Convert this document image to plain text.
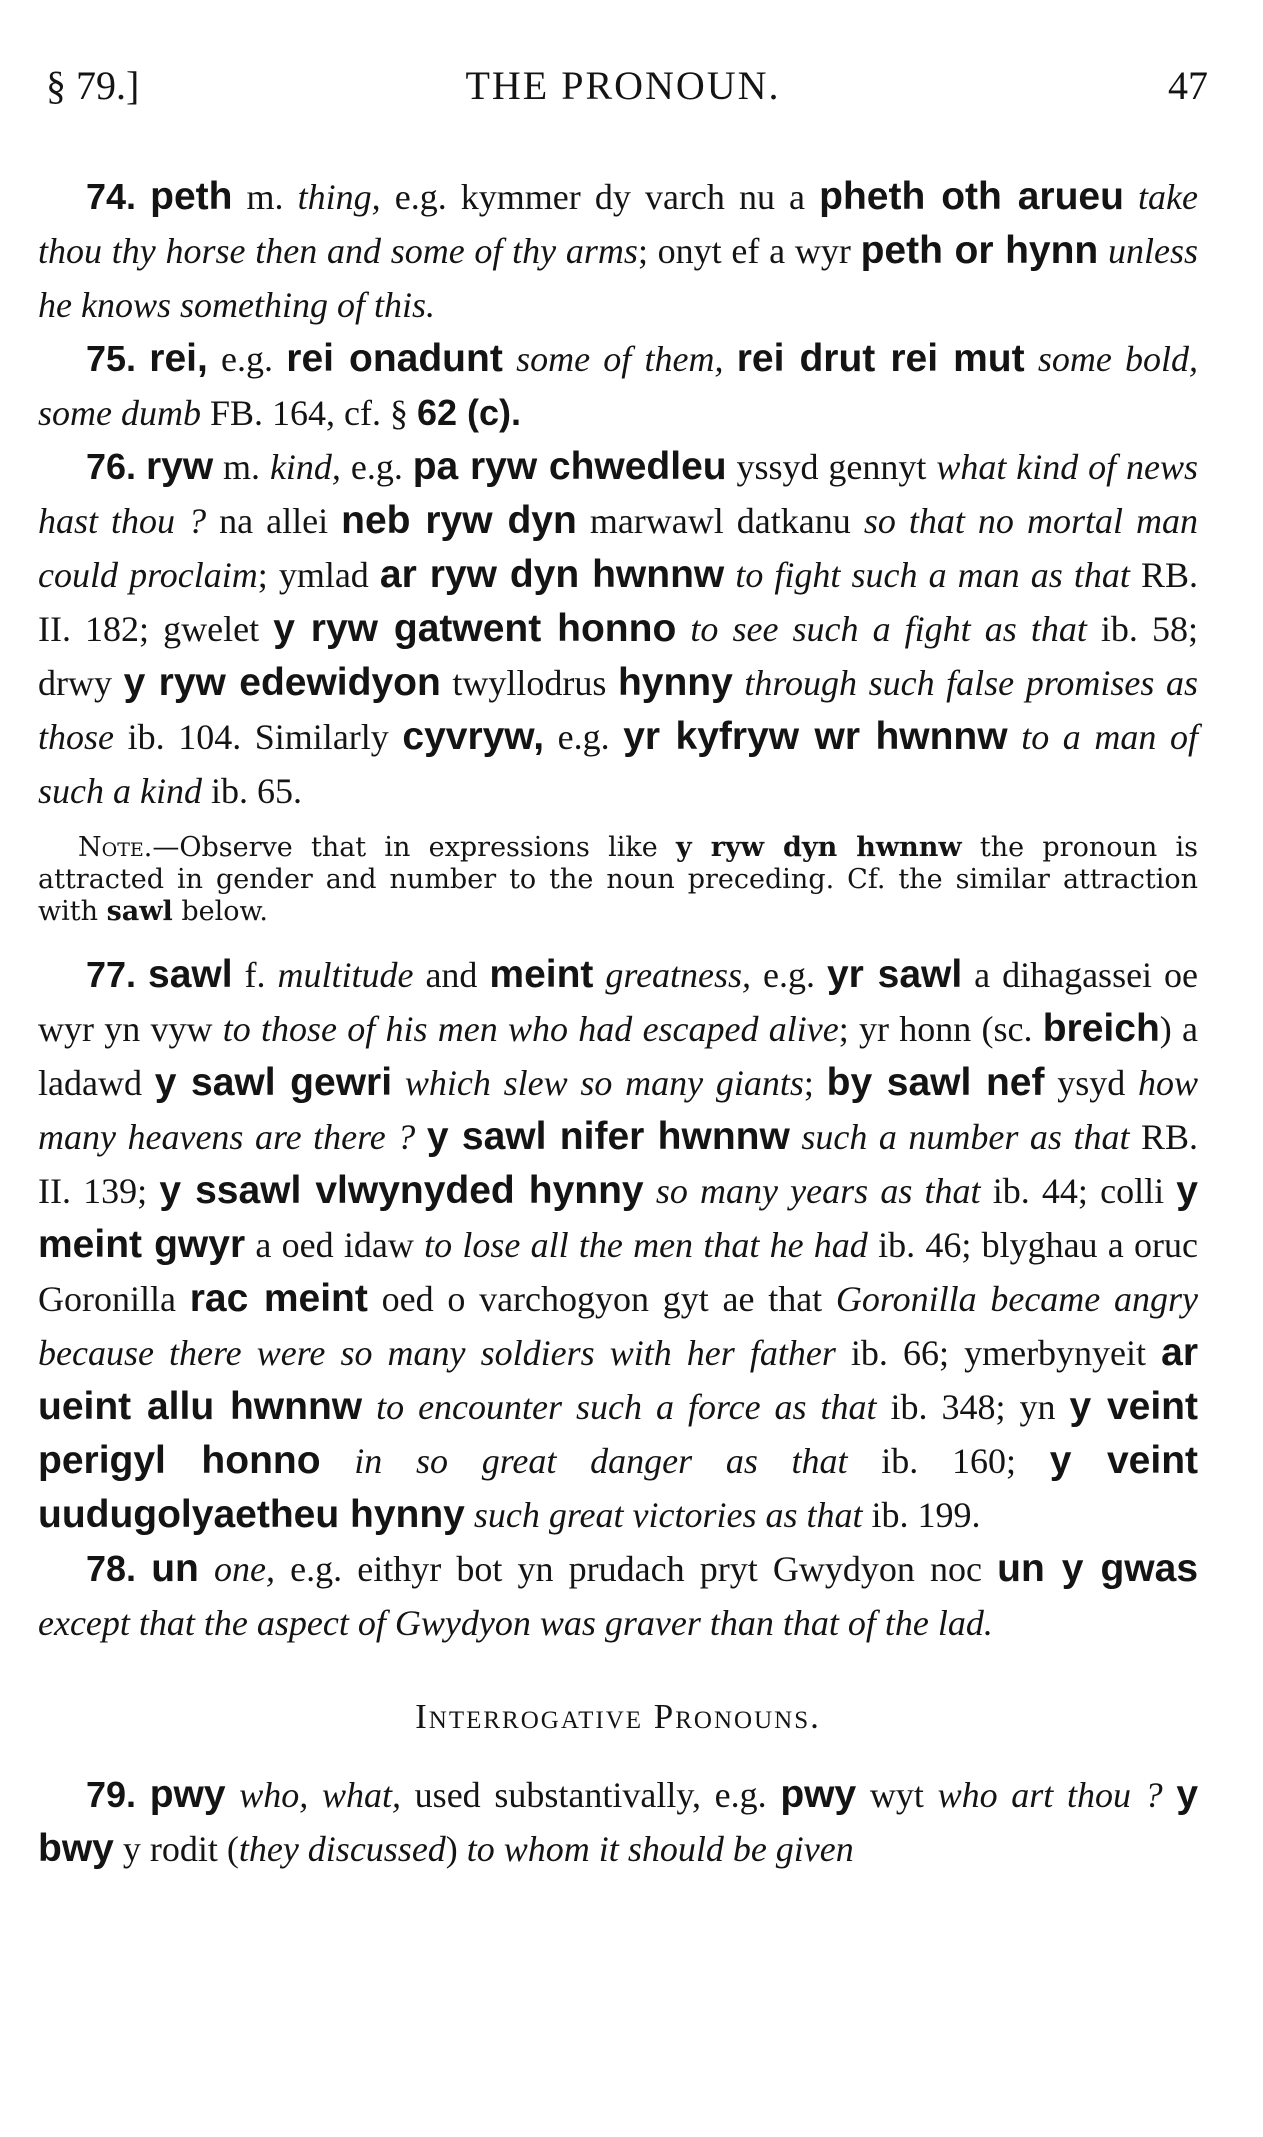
§ 79.]	THE PRONOUN.	47

74. peth m. thing, e.g. kymmer dy varch nu a pheth oth arueu take thou thy horse then and some of thy arms; onyt ef a wyr peth or hynn unless he knows something of this.

75. rei, e.g. rei onadunt some of them, rei drut rei mut some bold, some dumb FB. 164, cf. § 62 (c).

76. ryw m. kind, e.g. pa ryw chwedleu yssyd gennyt what kind of news hast thou ? na allei neb ryw dyn marwawl datkanu so that no mortal man could proclaim; ymlad ar ryw dyn hwnnw to fight such a man as that RB. II. 182; gwelet y ryw gatwent honno to see such a fight as that ib. 58; drwy y ryw edewidyon twyllodrus hynny through such false promises as those ib. 104. Similarly cyvryw, e.g. yr kyfryw wr hwnnw to a man of such a kind ib. 65.

Note.—Observe that in expressions like y ryw dyn hwnnw the pronoun is attracted in gender and number to the noun preceding. Cf. the similar attraction with sawl below.

77. sawl f. multitude and meint greatness, e.g. yr sawl a dihagassei oe wyr yn vyw to those of his men who had escaped alive; yr honn (sc. breich) a ladawd y sawl gewri which slew so many giants; by sawl nef ysyd how many heavens are there ? y sawl nifer hwnnw such a number as that RB. II. 139; y ssawl vlwynyded hynny so many years as that ib. 44; colli y meint gwyr a oed idaw to lose all the men that he had ib. 46; blyghau a oruc Goronilla rac meint oed o varchogyon gyt ae that Goronilla became angry because there were so many soldiers with her father ib. 66; ymerbynyeit ar ueint allu hwnnw to encounter such a force as that ib. 348; yn y veint perigyl honno in so great danger as that ib. 160; y veint uudugolyaetheu hynny such great victories as that ib. 199.

78. un one, e.g. eithyr bot yn prudach pryt Gwydyon noc un y gwas except that the aspect of Gwydyon was graver than that of the lad.

Interrogative Pronouns.

79. pwy who, what, used substantivally, e.g. pwy wyt who art thou ? y bwy y rodit (they discussed) to whom it should be given
